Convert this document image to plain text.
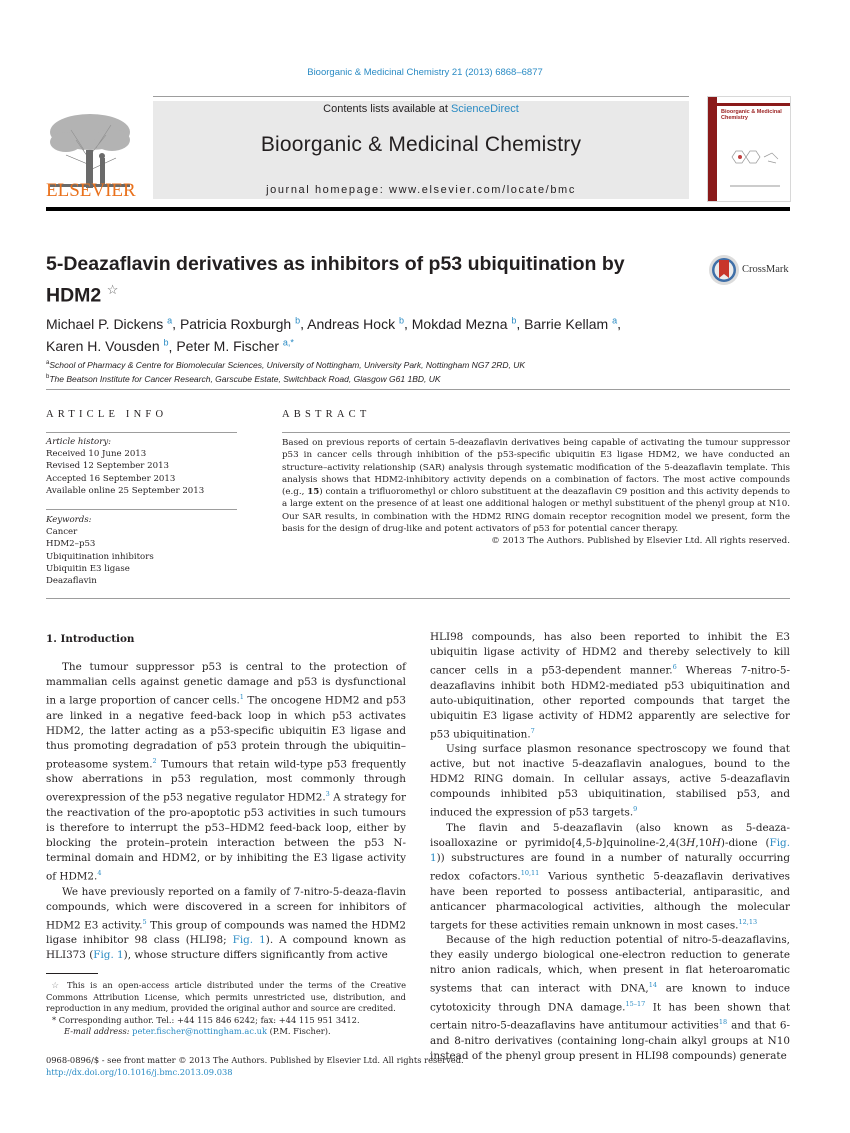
Bioorganic & Medicinal Chemistry 21 (2013) 6868–6877
Contents lists available at ScienceDirect
Bioorganic & Medicinal Chemistry
journal homepage: www.elsevier.com/locate/bmc
ELSEVIER
Bioorganic & Medicinal Chemistry
5-Deazaflavin derivatives as inhibitors of p53 ubiquitination by
HDM2 ☆
CrossMark
Michael P. Dickens $^a$, Patricia Roxburgh $^b$, Andreas Hock $^b$, Mokdad Mezna $^b$, Barrie Kellam $^a$,
Karen H. Vousden $^b$, Peter M. Fischer $^{a,*}$
$^a$School of Pharmacy & Centre for Biomolecular Sciences, University of Nottingham, University Park, Nottingham NG7 2RD, UK
$^b$The Beatson Institute for Cancer Research, Garscube Estate, Switchback Road, Glasgow G61 1BD, UK
ARTICLE INFO
Article history:
Received 10 June 2013
Revised 12 September 2013
Accepted 16 September 2013
Available online 25 September 2013
Keywords:
Cancer
HDM2–p53
Ubiquitination inhibitors
Ubiquitin E3 ligase
Deazaflavin
ABSTRACT
Based on previous reports of certain 5-deazaflavin derivatives being capable of activating the tumour suppressor p53 in cancer cells through inhibition of the p53-specific ubiquitin E3 ligase HDM2, we have conducted an structure–activity relationship (SAR) analysis through systematic modification of the 5-deazaflavin template. This analysis shows that HDM2-inhibitory activity depends on a combination of factors. The most active compounds (e.g., 15) contain a trifluoromethyl or chloro substituent at the deazaflavin C9 position and this activity depends to a large extent on the presence of at least one additional halogen or methyl substituent of the phenyl group at N10. Our SAR results, in combination with the HDM2 RING domain receptor recognition model we present, form the basis for the design of drug-like and potent activators of p53 for potential cancer therapy.
© 2013 The Authors. Published by Elsevier Ltd. All rights reserved.
1. Introduction

The tumour suppressor p53 is central to the protection of mammalian cells against genetic damage and p53 is dysfunctional in a large proportion of cancer cells.$^1$ The oncogene HDM2 and p53 are linked in a negative feed-back loop in which p53 activates HDM2, the latter acting as a p53-specific ubiquitin E3 ligase and thus promoting degradation of p53 protein through the ubiquitin–proteasome system.$^2$ Tumours that retain wild-type p53 frequently show aberrations in p53 regulation, most commonly through overexpression of the p53 negative regulator HDM2.$^3$ A strategy for the reactivation of the pro-apoptotic p53 activities in such tumours is therefore to interrupt the p53–HDM2 feed-back loop, either by blocking the protein–protein interaction between the p53 N-terminal domain and HDM2, or by inhibiting the E3 ligase activity of HDM2.$^4$

We have previously reported on a family of 7-nitro-5-deaza-flavin compounds, which were discovered in a screen for inhibitors of HDM2 E3 activity.$^5$ This group of compounds was named the HDM2 ligase inhibitor 98 class (HLI98; Fig. 1). A compound known as HLI373 (Fig. 1), whose structure differs significantly from active

☆ This is an open-access article distributed under the terms of the Creative Commons Attribution License, which permits unrestricted use, distribution, and reproduction in any medium, provided the original author and source are credited.

* Corresponding author. Tel.: +44 115 846 6242; fax: +44 115 951 3412.

E-mail address: peter.fischer@nottingham.ac.uk (P.M. Fischer).

0968-0896/$ - see front matter © 2013 The Authors. Published by Elsevier Ltd. All rights reserved.
http://dx.doi.org/10.1016/j.bmc.2013.09.038

HLI98 compounds, has also been reported to inhibit the E3 ubiquitin ligase activity of HDM2 and thereby selectively to kill cancer cells in a p53-dependent manner.$^6$ Whereas 7-nitro-5-deazaflavins inhibit both HDM2-mediated p53 ubiquitination and auto-ubiquitination, other reported compounds that target the ubiquitin E3 ligase activity of HDM2 apparently are selective for p53 ubiquitination.$^7$

Using surface plasmon resonance spectroscopy we found that active, but not inactive 5-deazaflavin analogues, bound to the HDM2 RING domain. In cellular assays, active 5-deazaflavin compounds inhibited p53 ubiquitination, stabilised p53, and induced the expression of p53 targets.$^9$

The flavin and 5-deazaflavin (also known as 5-deaza-isoalloxazine or pyrimido[4,5-b]quinoline-2,4(3H,10H)-dione (Fig. 1)) substructures are found in a number of naturally occurring redox cofactors.$^{10,11}$ Various synthetic 5-deazaflavin derivatives have been reported to possess antibacterial, antiparasitic, and anticancer pharmacological activities, although the molecular targets for these activities remain unknown in most cases.$^{12,13}$

Because of the high reduction potential of nitro-5-deazaflavins, they easily undergo biological one-electron reduction to generate nitro anion radicals, which, when present in flat heteroaromatic systems that can interact with DNA,$^{14}$ are known to induce cytotoxicity through DNA damage.$^{15-17}$ It has been shown that certain nitro-5-deazaflavins have antitumour activities$^{18}$ and that 6- and 8-nitro derivatives (containing long-chain alkyl groups at N10 instead of the phenyl group present in HLI98 compounds) generate
